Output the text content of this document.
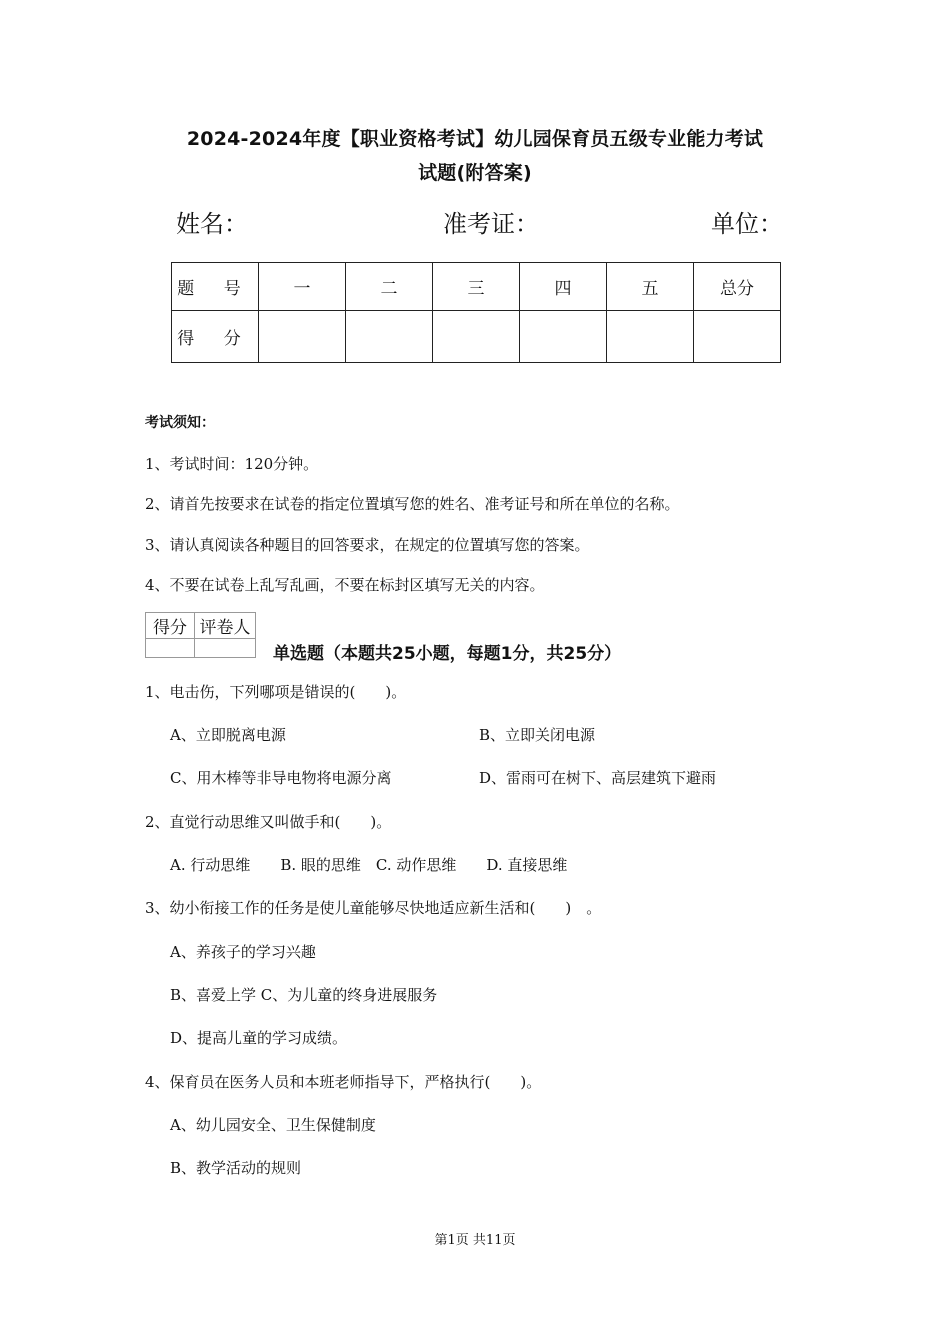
2024-2024年度【职业资格考试】幼儿园保育员五级专业能力考试
试题(附答案)
姓名：	准考证：	单位：
题 号	一	二	三	四	五	总分
得 分						
考试须知：
1、考试时间：120分钟。
2、请首先按要求在试卷的指定位置填写您的姓名、准考证号和所在单位的名称。
3、请认真阅读各种题目的回答要求，在规定的位置填写您的答案。
4、不要在试卷上乱写乱画，不要在标封区填写无关的内容。
得分	评卷人

单选题（本题共25小题，每题1分，共25分）
1、电击伤，下列哪项是错误的(　　)。
A、立即脱离电源	B、立即关闭电源
C、用木棒等非导电物将电源分离	D、雷雨可在树下、高层建筑下避雨
2、直觉行动思维又叫做手和(　　)。
A. 行动思维　　B. 眼的思维　C. 动作思维　　D. 直接思维
3、幼小衔接工作的任务是使儿童能够尽快地适应新生活和(　　)　。
A、养孩子的学习兴趣
B、喜爱上学 C、为儿童的终身进展服务
D、提高儿童的学习成绩。
4、保育员在医务人员和本班老师指导下，严格执行(　　)。
A、幼儿园安全、卫生保健制度
B、教学活动的规则
第1页 共11页
